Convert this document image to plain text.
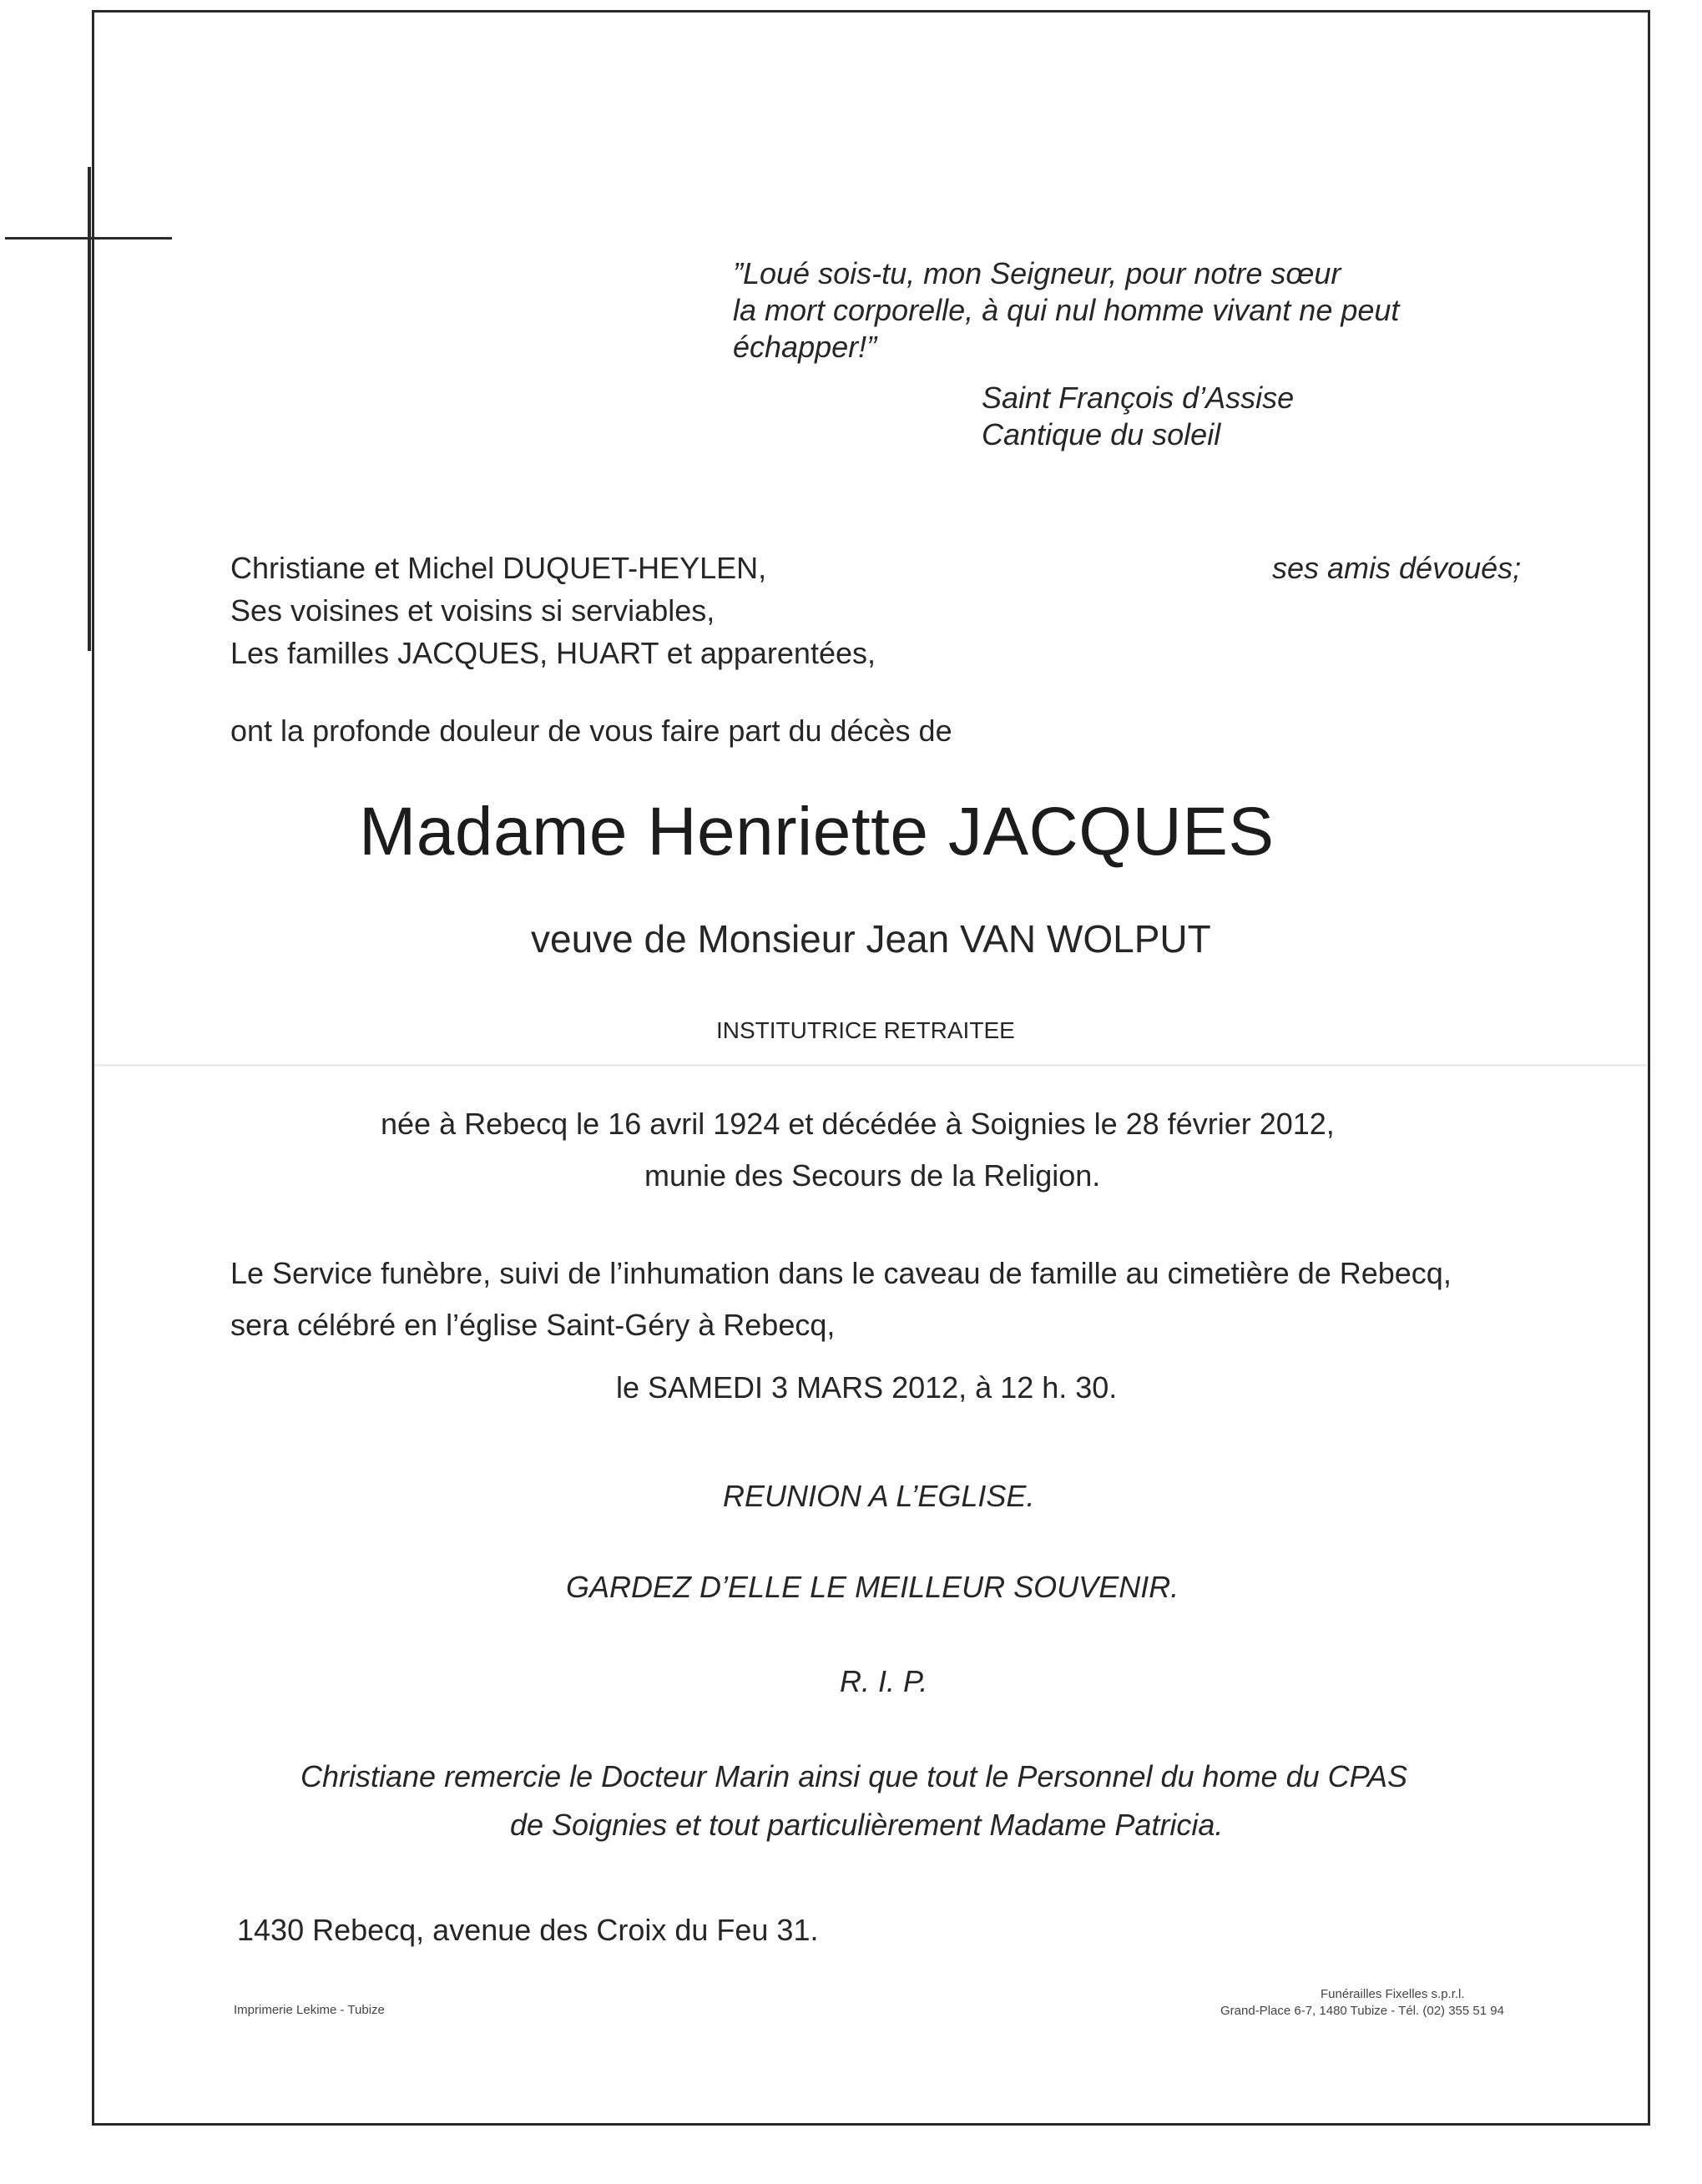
”Loué sois-tu, mon Seigneur, pour notre sœur

la mort corporelle, à qui nul homme vivant ne peut

échapper!”

Saint François d’Assise

Cantique du soleil

Christiane et Michel DUQUET-HEYLEN,

Ses voisines et voisins si serviables,

Les familles JACQUES, HUART et apparentées,

ses amis dévoués;

ont la profonde douleur de vous faire part du décès de

Madame Henriette JACQUES

veuve de Monsieur Jean VAN WOLPUT

INSTITUTRICE RETRAITEE

née à Rebecq le 16 avril 1924 et décédée à Soignies le 28 février 2012,

munie des Secours de la Religion.

Le Service funèbre, suivi de l’inhumation dans le caveau de famille au cimetière de Rebecq,

sera célébré en l’église Saint-Géry à Rebecq,

le SAMEDI 3 MARS 2012, à 12 h. 30.

REUNION A L’EGLISE.

GARDEZ D’ELLE LE MEILLEUR SOUVENIR.

R. I. P.

Christiane remercie le Docteur Marin ainsi que tout le Personnel du home du CPAS

de Soignies et tout particulièrement Madame Patricia.

1430 Rebecq, avenue des Croix du Feu 31.

Imprimerie Lekime - Tubize

Funérailles Fixelles s.p.r.l.

Grand-Place 6-7, 1480 Tubize - Tél. (02) 355 51 94
